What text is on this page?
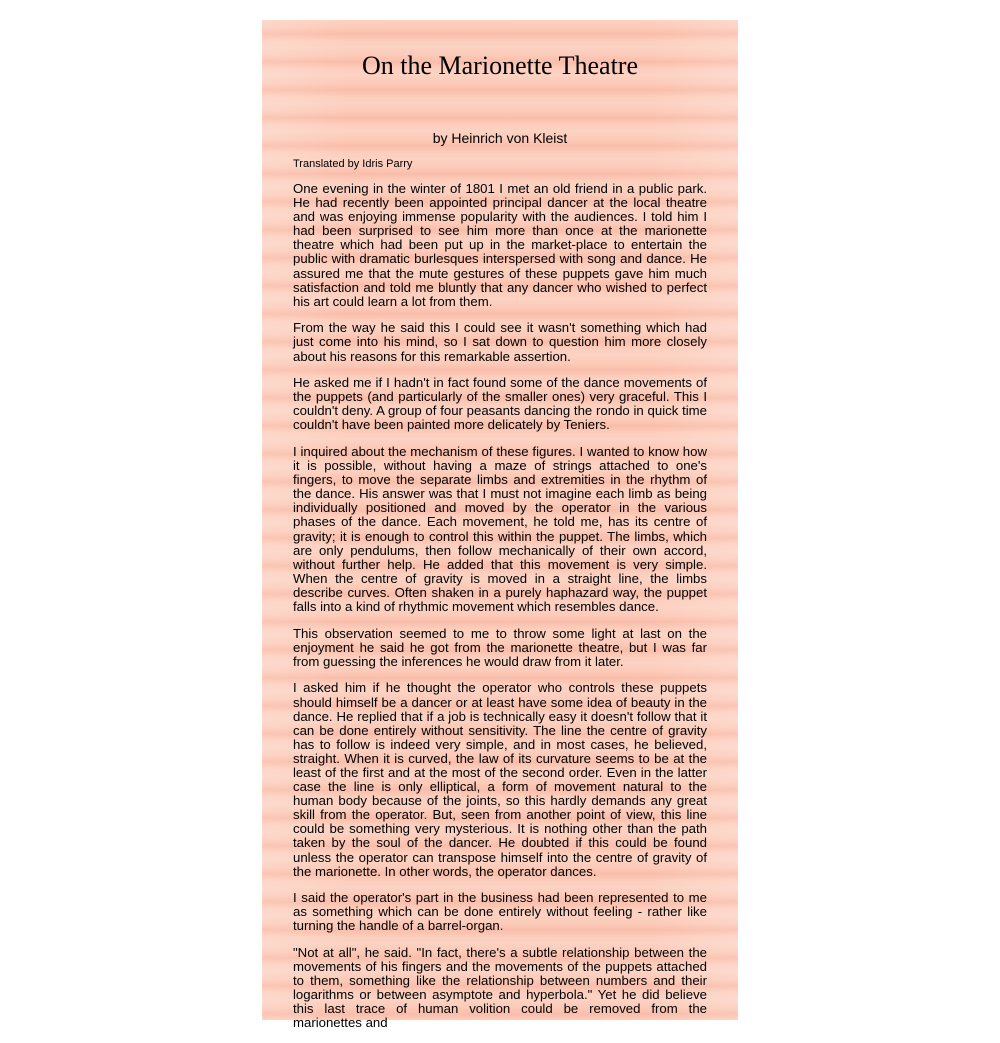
On the Marionette Theatre
by Heinrich von Kleist
Translated by Idris Parry

One evening in the winter of 1801 I met an old friend in a public park. He had recently been appointed principal dancer at the local theatre and was enjoying immense popularity with the audiences. I told him I had been surprised to see him more than once at the marionette theatre which had been put up in the market-place to entertain the public with dramatic burlesques interspersed with song and dance. He assured me that the mute gestures of these puppets gave him much satisfaction and told me bluntly that any dancer who wished to perfect his art could learn a lot from them.

From the way he said this I could see it wasn't something which had just come into his mind, so I sat down to question him more closely about his reasons for this remarkable assertion.

He asked me if I hadn't in fact found some of the dance movements of the puppets (and particularly of the smaller ones) very graceful. This I couldn't deny. A group of four peasants dancing the rondo in quick time couldn't have been painted more delicately by Teniers.

I inquired about the mechanism of these figures. I wanted to know how it is possible, without having a maze of strings attached to one's fingers, to move the separate limbs and extremities in the rhythm of the dance. His answer was that I must not imagine each limb as being individually positioned and moved by the operator in the various phases of the dance. Each movement, he told me, has its centre of gravity; it is enough to control this within the puppet. The limbs, which are only pendulums, then follow mechanically of their own accord, without further help. He added that this movement is very simple. When the centre of gravity is moved in a straight line, the limbs describe curves. Often shaken in a purely haphazard way, the puppet falls into a kind of rhythmic movement which resembles dance.

This observation seemed to me to throw some light at last on the enjoyment he said he got from the marionette theatre, but I was far from guessing the inferences he would draw from it later.

I asked him if he thought the operator who controls these puppets should himself be a dancer or at least have some idea of beauty in the dance. He replied that if a job is technically easy it doesn't follow that it can be done entirely without sensitivity. The line the centre of gravity has to follow is indeed very simple, and in most cases, he believed, straight. When it is curved, the law of its curvature seems to be at the least of the first and at the most of the second order. Even in the latter case the line is only elliptical, a form of movement natural to the human body because of the joints, so this hardly demands any great skill from the operator. But, seen from another point of view, this line could be something very mysterious. It is nothing other than the path taken by the soul of the dancer. He doubted if this could be found unless the operator can transpose himself into the centre of gravity of the marionette. In other words, the operator dances.

I said the operator's part in the business had been represented to me as something which can be done entirely without feeling - rather like turning the handle of a barrel-organ.

"Not at all", he said. "In fact, there's a subtle relationship between the movements of his fingers and the movements of the puppets attached to them, something like the relationship between numbers and their logarithms or between asymptote and hyperbola." Yet he did believe this last trace of human volition could be removed from the marionettes and
